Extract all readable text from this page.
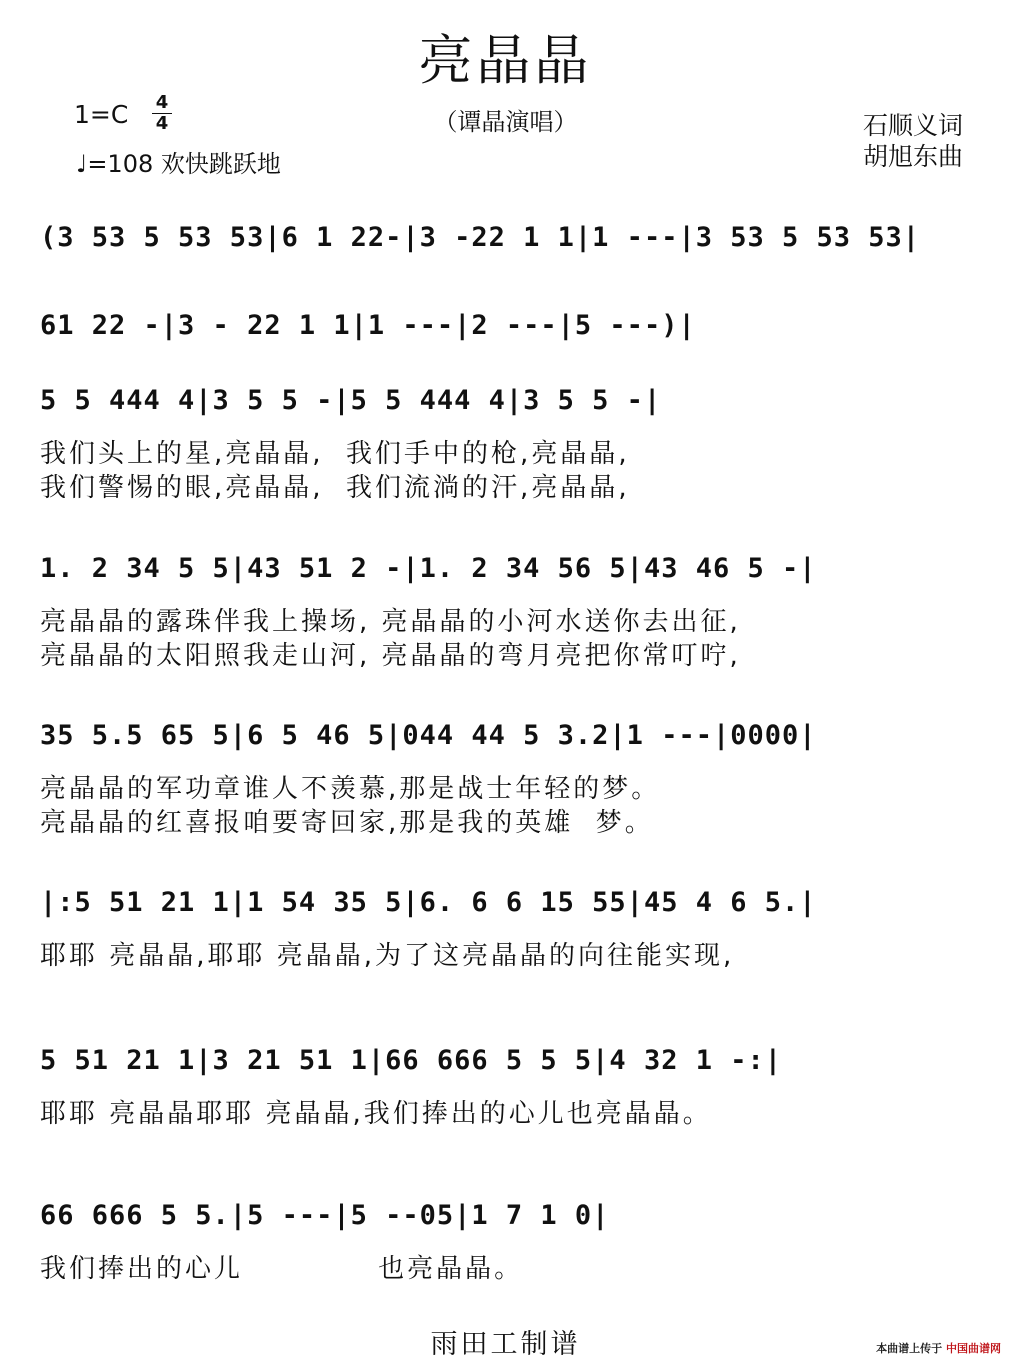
亮晶晶
1=C 4
4
♩=108 欢快跳跃地
（谭晶演唱）	石顺义词
胡旭东曲
(3 53 5 53 53|6 1 22-|3 -22 1 1|1 ---|3 53 5 53 53|
61 22 -|3 - 22 1 1|1 ---|2 ---|5 ---)|
5 5 444 4|3 5 5 -|5 5 444 4|3 5 5 -|
我们头上的星,亮晶晶,  我们手中的枪,亮晶晶,
我们警惕的眼,亮晶晶,  我们流淌的汗,亮晶晶,
1. 2 34 5 5|43 51 2 -|1. 2 34 56 5|43 46 5 -|
亮晶晶的露珠伴我上操场, 亮晶晶的小河水送你去出征,
亮晶晶的太阳照我走山河, 亮晶晶的弯月亮把你常叮咛,
35 5.5 65 5|6 5 46 5|044 44 5 3.2|1 ---|0000|
亮晶晶的军功章谁人不羡慕,那是战士年轻的梦。
亮晶晶的红喜报咱要寄回家,那是我的英雄  梦。
|:5 51 21 1|1 54 35 5|6. 6 6 15 55|45 4 6 5.|
耶耶 亮晶晶,耶耶 亮晶晶,为了这亮晶晶的向往能实现,
5 51 21 1|3 21 51 1|66 666 5 5 5|4 32 1 -:|
耶耶 亮晶晶耶耶 亮晶晶,我们捧出的心儿也亮晶晶。
66 666 5 5.|5 ---|5 --05|1 7 1 0|
我们捧出的心儿            也亮晶晶。
雨田工制谱	本曲谱上传于 中国曲谱网
